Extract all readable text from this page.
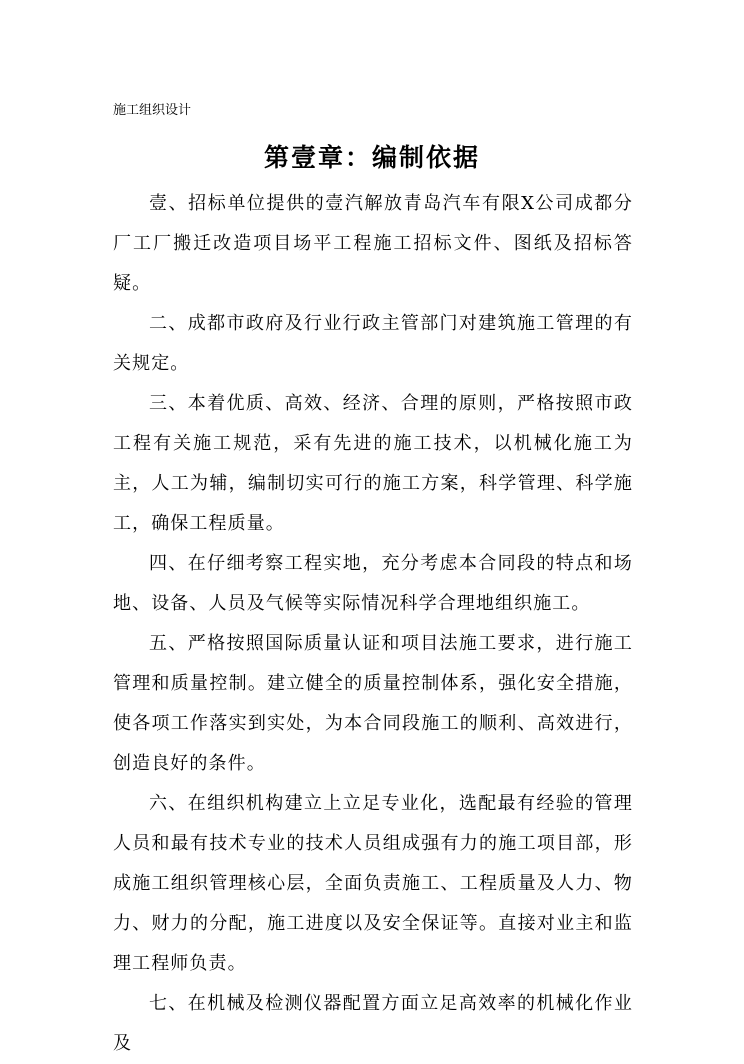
施工组织设计
第壹章：编制依据

壹、招标单位提供的壹汽解放青岛汽车有限X公司成都分厂工厂搬迁改造项目场平工程施工招标文件、图纸及招标答疑。

二、成都市政府及行业行政主管部门对建筑施工管理的有关规定。

三、本着优质、高效、经济、合理的原则，严格按照市政工程有关施工规范，采有先进的施工技术，以机械化施工为主，人工为辅，编制切实可行的施工方案，科学管理、科学施工，确保工程质量。

四、在仔细考察工程实地，充分考虑本合同段的特点和场地、设备、人员及气候等实际情况科学合理地组织施工。

五、严格按照国际质量认证和项目法施工要求，进行施工管理和质量控制。建立健全的质量控制体系，强化安全措施，使各项工作落实到实处，为本合同段施工的顺利、高效进行，创造良好的条件。

六、在组织机构建立上立足专业化，选配最有经验的管理人员和最有技术专业的技术人员组成强有力的施工项目部，形成施工组织管理核心层，全面负责施工、工程质量及人力、物力、财力的分配，施工进度以及安全保证等。直接对业主和监理工程师负责。

七、在机械及检测仪器配置方面立足高效率的机械化作业及
